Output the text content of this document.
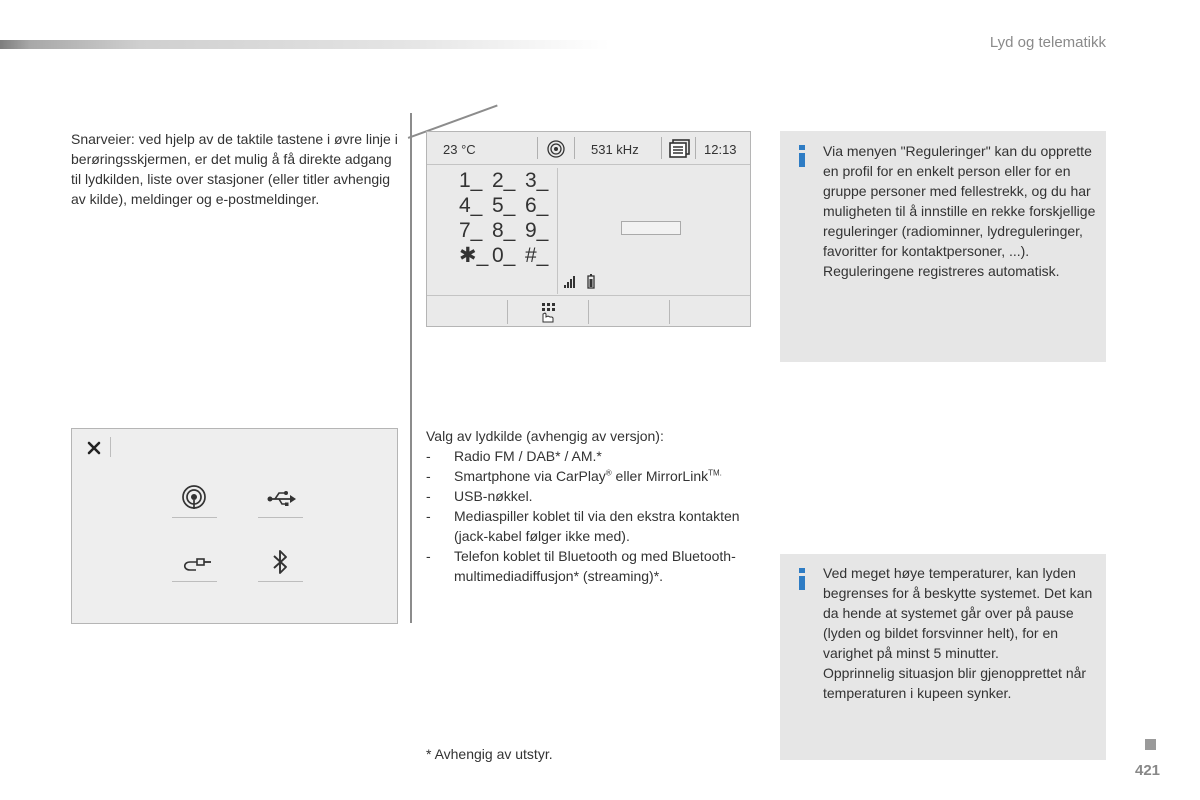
Lyd og telematikk
Snarveier: ved hjelp av de taktile tastene i øvre linje i berøringsskjermen, er det mulig å få direkte adgang til lydkilden, liste over stasjoner (eller titler avhengig av kilde), meldinger og e-postmeldinger.
23 °C	531 kHz	12:13
1_ 2_ 3_
4_ 5_ 6_
7_ 8_ 9_
✱_ 0_ #_
Valg av lydkilde (avhengig av versjon):
- Radio FM / DAB* / AM.*
- Smartphone via CarPlay® eller MirrorLink$^{TM.}$
- USB-nøkkel.
- Mediaspiller koblet til via den ekstra kontakten (jack-kabel følger ikke med).
- Telefon koblet til Bluetooth og med Bluetooth-multimediadiffusjon* (streaming)*.
* Avhengig av utstyr.
Via menyen "Reguleringer" kan du opprette en profil for en enkelt person eller for en gruppe personer med fellestrekk, og du har muligheten til å innstille en rekke forskjellige reguleringer (radiominner, lydreguleringer, favoritter for kontaktpersoner, ...). Reguleringene registreres automatisk.
Ved meget høye temperaturer, kan lyden begrenses for å beskytte systemet. Det kan da hende at systemet går over på pause (lyden og bildet forsvinner helt), for en varighet på minst 5 minutter.
Opprinnelig situasjon blir gjenopprettet når temperaturen i kupeen synker.
421
